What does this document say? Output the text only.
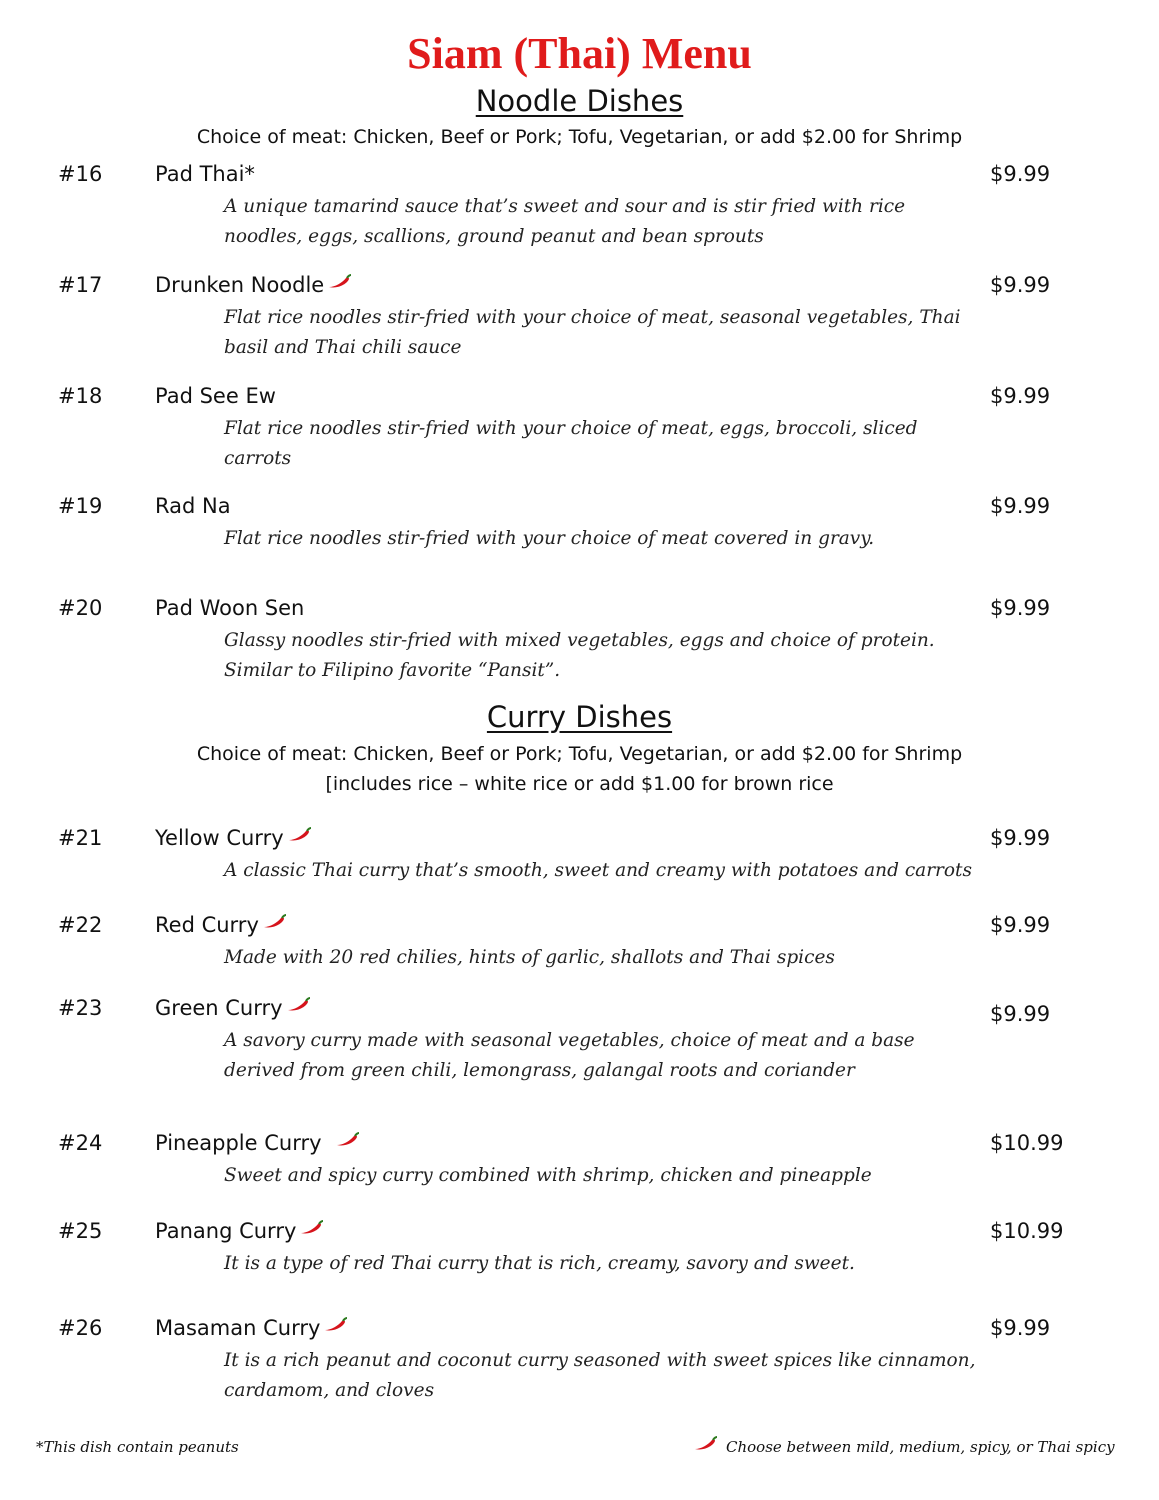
Siam (Thai) Menu
Noodle Dishes
Choice of meat: Chicken, Beef or Pork; Tofu, Vegetarian, or add $2.00 for Shrimp
#16	Pad Thai*	$9.99
A unique tamarind sauce that’s sweet and sour and is stir fried with rice
noodles, eggs, scallions, ground peanut and bean sprouts
#17	Drunken Noodle	$9.99
Flat rice noodles stir-fried with your choice of meat, seasonal vegetables, Thai
basil and Thai chili sauce
#18	Pad See Ew	$9.99
Flat rice noodles stir-fried with your choice of meat, eggs, broccoli, sliced
carrots
#19	Rad Na	$9.99
Flat rice noodles stir-fried with your choice of meat covered in gravy.
#20	Pad Woon Sen	$9.99
Glassy noodles stir-fried with mixed vegetables, eggs and choice of protein.
Similar to Filipino favorite “Pansit”.
Curry Dishes
Choice of meat: Chicken, Beef or Pork; Tofu, Vegetarian, or add $2.00 for Shrimp
[includes rice – white rice or add $1.00 for brown rice
#21	Yellow Curry	$9.99
A classic Thai curry that’s smooth, sweet and creamy with potatoes and carrots
#22	Red Curry	$9.99
Made with 20 red chilies, hints of garlic, shallots and Thai spices
#23	Green Curry	$9.99
A savory curry made with seasonal vegetables, choice of meat and a base
derived from green chili, lemongrass, galangal roots and coriander
#24	Pineapple Curry	$10.99
Sweet and spicy curry combined with shrimp, chicken and pineapple
#25	Panang Curry	$10.99
It is a type of red Thai curry that is rich, creamy, savory and sweet.
#26	Masaman Curry	$9.99
It is a rich peanut and coconut curry seasoned with sweet spices like cinnamon,
cardamom, and cloves
*This dish contain peanuts	Choose between mild, medium, spicy, or Thai spicy
